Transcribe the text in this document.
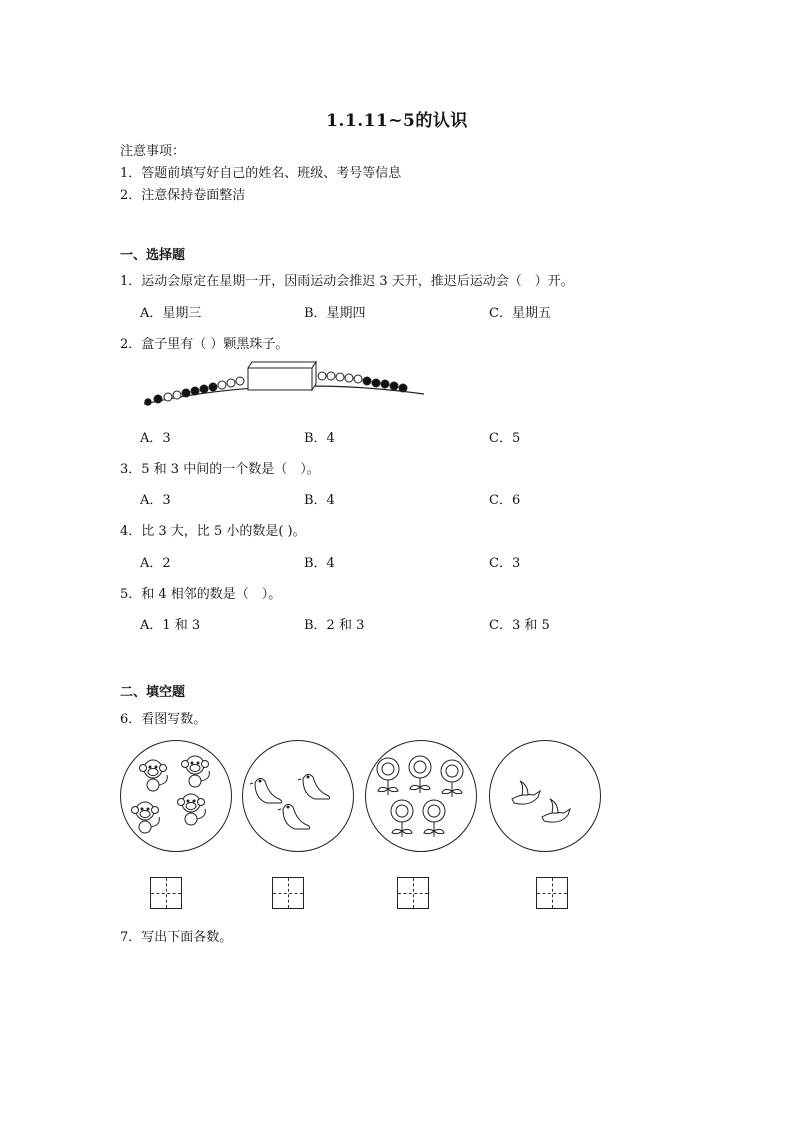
1.1.11~5的认识
注意事项：
1．答题前填写好自己的姓名、班级、考号等信息
2．注意保持卷面整洁
一、选择题
1．运动会原定在星期一开，因雨运动会推迟 3 天开，推迟后运动会（　）开。
A．星期三	B．星期四	C．星期五
2．盒子里有（ ）颗黑珠子。
A．3	B．4	C．5
3．5 和 3 中间的一个数是（　）。
A．3	B．4	C．6
4．比 3 大，比 5 小的数是( )。
A．2	B．4	C．3
5．和 4 相邻的数是（　）。
A．1 和 3	B．2 和 3	C．3 和 5
二、填空题
6．看图写数。
7．写出下面各数。
